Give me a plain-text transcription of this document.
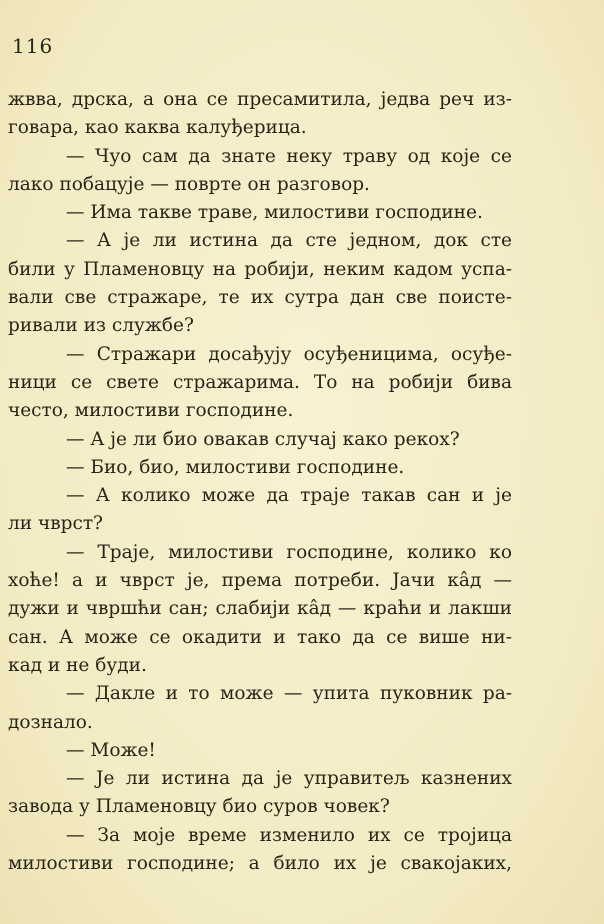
116
жвва, дрска, а она се пресамитила, једва реч из-
говара, као каква калуђерица.
— Чуо сам да знате неку траву од које се
лако побацује — поврте он разговор.
— Има такве траве, милостиви господине.
— А је ли истина да сте једном, док сте
били у Пламеновцу на робији, неким кадом успа-
вали све стражаре, те их сутра дан све поисте-
ривали из службе?
— Стражари досађују осуђеницима, осуђе-
ници се свете стражарима. То на робији бива
често, милостиви господине.
— А је ли био овакав случај како рекох?
— Био, био, милостиви господине.
— А колико може да траје такав сан и је
ли чврст?
— Траје, милостиви господине, колико ко
хоће! а и чврст је, према потреби. Јачи кâд —
дужи и чвршћи сан; слабији кâд — краћи и лакши
сан. А може се окадити и тако да се више ни-
кад и не буди.
— Дакле и то може — упита пуковник ра-
дознало.
— Може!
— Је ли истина да је управитељ казнених
завода у Пламеновцу био суров човек?
— За моје време изменило их се тројица
милостиви господине; а било их је свакојаких,
